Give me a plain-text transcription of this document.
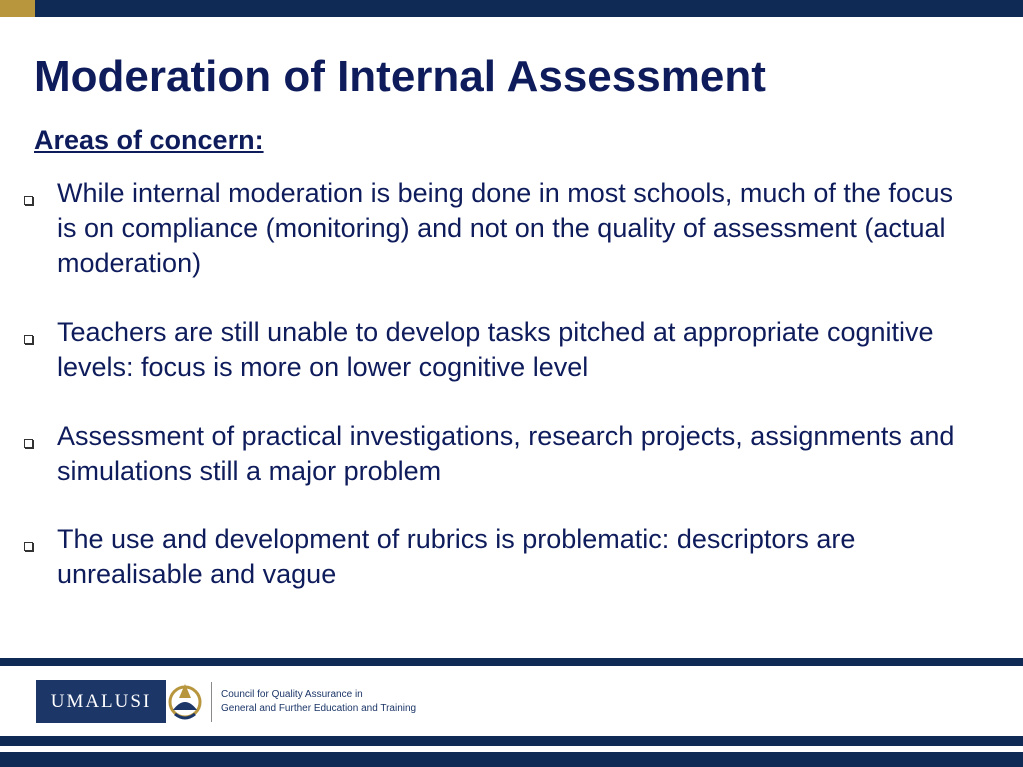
Moderation of Internal Assessment
Areas of concern:
While internal moderation is being done in most schools, much of the focus is on compliance (monitoring) and not on the quality of assessment (actual moderation)
Teachers are still unable to develop tasks pitched at appropriate cognitive levels: focus is more on lower cognitive level
Assessment of practical investigations, research projects, assignments and simulations still a major problem
The use and development of rubrics is problematic: descriptors are unrealisable and vague
UMALUSI	Council for Quality Assurance in
General and Further Education and Training
